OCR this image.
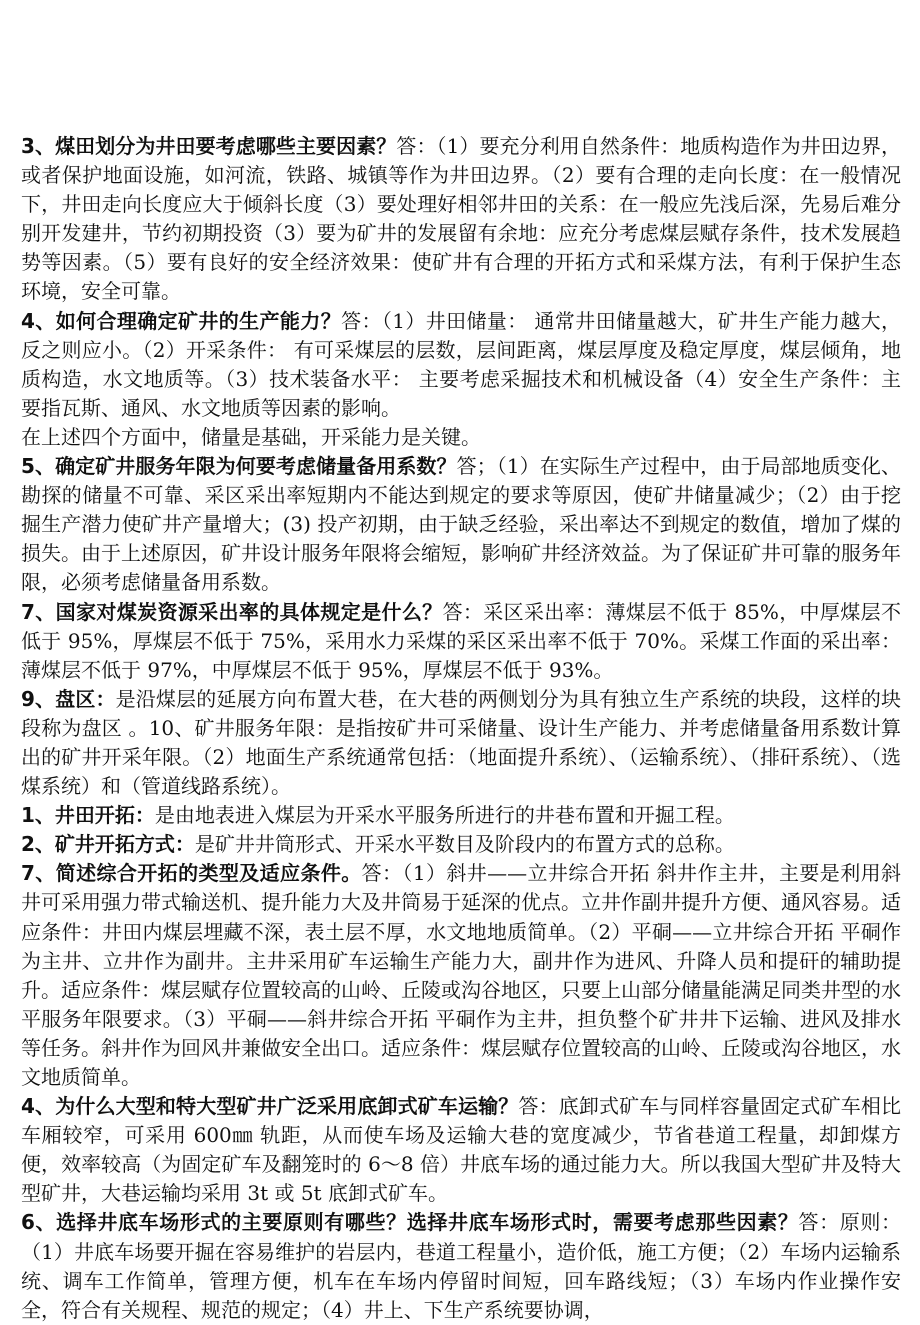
3、煤田划分为井田要考虑哪些主要因素？答：（1）要充分利用自然条件：地质构造作为井田边界，或者保护地面设施，如河流，铁路、城镇等作为井田边界。（2）要有合理的走向长度：在一般情况下，井田走向长度应大于倾斜长度（3）要处理好相邻井田的关系：在一般应先浅后深，先易后难分别开发建井，节约初期投资（3）要为矿井的发展留有余地：应充分考虑煤层赋存条件，技术发展趋势等因素。（5）要有良好的安全经济效果：使矿井有合理的开拓方式和采煤方法，有利于保护生态环境，安全可靠。

4、如何合理确定矿井的生产能力？答：（1）井田储量： 通常井田储量越大，矿井生产能力越大，反之则应小。（2）开采条件： 有可采煤层的层数，层间距离，煤层厚度及稳定厚度，煤层倾角，地质构造，水文地质等。（3）技术装备水平： 主要考虑采掘技术和机械设备（4）安全生产条件：主要指瓦斯、通风、水文地质等因素的影响。

在上述四个方面中，储量是基础，开采能力是关键。

5、确定矿井服务年限为何要考虑储量备用系数？答；（1）在实际生产过程中，由于局部地质变化、勘探的储量不可靠、采区采出率短期内不能达到规定的要求等原因，使矿井储量减少；（2）由于挖掘生产潜力使矿井产量增大；(3) 投产初期，由于缺乏经验，采出率达不到规定的数值，增加了煤的损失。由于上述原因，矿井设计服务年限将会缩短，影响矿井经济效益。为了保证矿井可靠的服务年限，必须考虑储量备用系数。

7、国家对煤炭资源采出率的具体规定是什么？答：采区采出率：薄煤层不低于 85%，中厚煤层不低于 95%，厚煤层不低于 75%，采用水力采煤的采区采出率不低于 70%。采煤工作面的采出率：薄煤层不低于 97%，中厚煤层不低于 95%，厚煤层不低于 93%。

9、盘区：是沿煤层的延展方向布置大巷，在大巷的两侧划分为具有独立生产系统的块段，这样的块段称为盘区 。10、矿井服务年限：是指按矿井可采储量、设计生产能力、并考虑储量备用系数计算出的矿井开采年限。（2）地面生产系统通常包括：（地面提升系统）、（运输系统）、（排矸系统）、（选煤系统）和（管道线路系统）。

1、井田开拓：是由地表进入煤层为开采水平服务所进行的井巷布置和开掘工程。

2、矿井开拓方式：是矿井井筒形式、开采水平数目及阶段内的布置方式的总称。

7、简述综合开拓的类型及适应条件。答：（1）斜井——立井综合开拓 斜井作主井，主要是利用斜井可采用强力带式输送机、提升能力大及井筒易于延深的优点。立井作副井提升方便、通风容易。适应条件：井田内煤层埋藏不深，表土层不厚，水文地地质简单。（2）平硐——立井综合开拓 平硐作为主井、立井作为副井。主井采用矿车运输生产能力大，副井作为进风、升降人员和提矸的辅助提升。适应条件：煤层赋存位置较高的山岭、丘陵或沟谷地区，只要上山部分储量能满足同类井型的水平服务年限要求。（3）平硐——斜井综合开拓 平硐作为主井，担负整个矿井井下运输、进风及排水等任务。斜井作为回风井兼做安全出口。适应条件：煤层赋存位置较高的山岭、丘陵或沟谷地区，水文地质简单。

4、为什么大型和特大型矿井广泛采用底卸式矿车运输？答：底卸式矿车与同样容量固定式矿车相比车厢较窄，可采用 600㎜ 轨距，从而使车场及运输大巷的宽度减少，节省巷道工程量，却卸煤方便，效率较高（为固定矿车及翻笼时的 6～8 倍）井底车场的通过能力大。所以我国大型矿井及特大型矿井，大巷运输均采用 3t 或 5t 底卸式矿车。

6、选择井底车场形式的主要原则有哪些？选择井底车场形式时，需要考虑那些因素？答：原则：（1）井底车场要开掘在容易维护的岩层内，巷道工程量小，造价低，施工方便；（2）车场内运输系统、调车工作简单，管理方便，机车在车场内停留时间短，回车路线短；（3）车场内作业操作安全，符合有关规程、规范的规定；（4）井上、下生产系统要协调，
